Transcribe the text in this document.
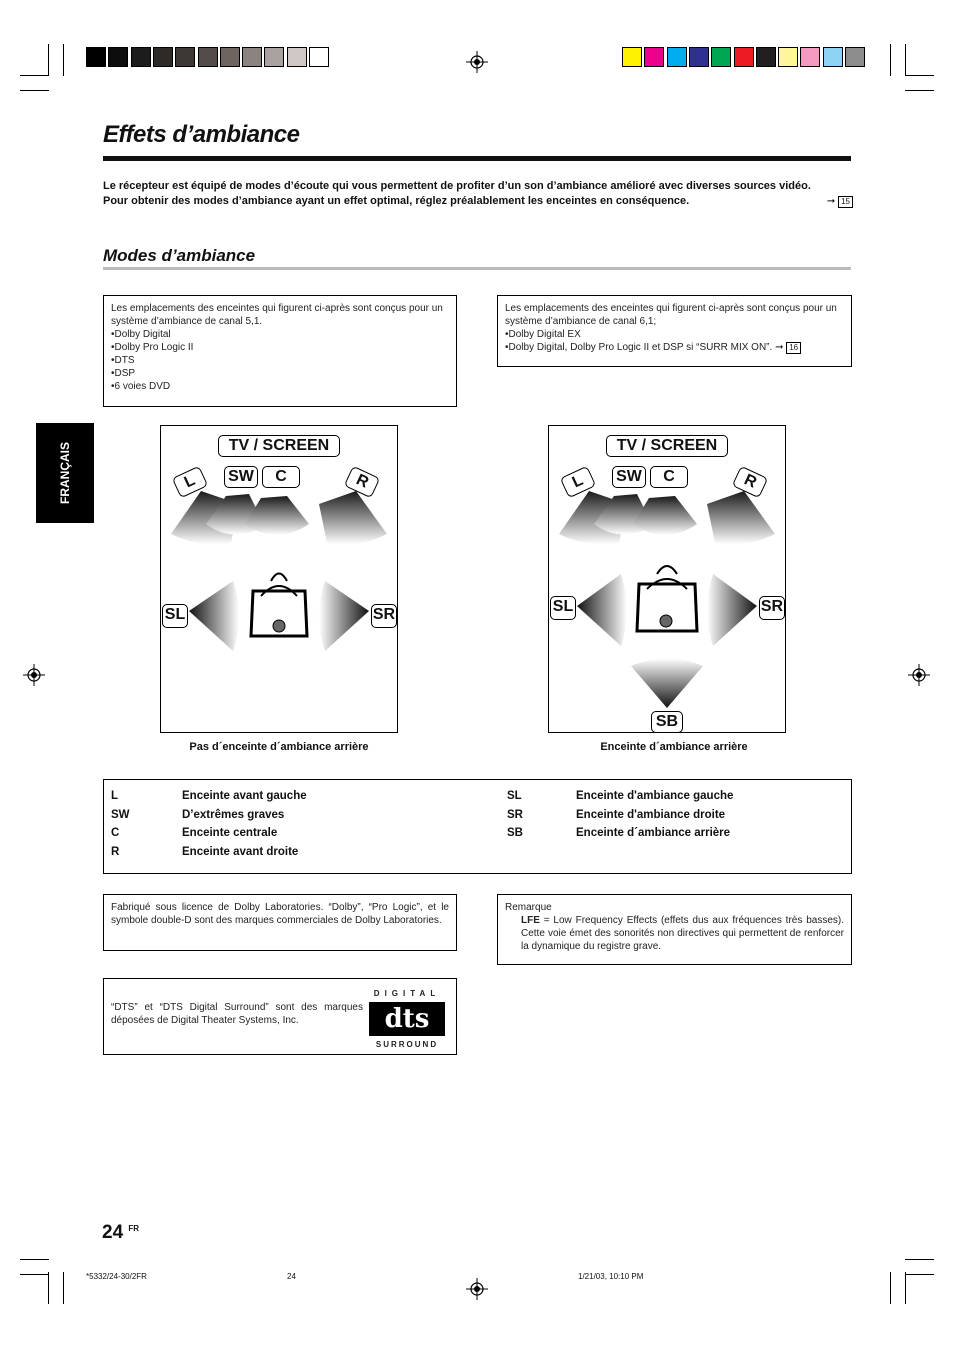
Effets d’ambiance
Le récepteur est équipé de modes d’écoute qui vous permettent de profiter d’un son d’ambiance amélioré avec diverses sources vidéo.
Pour obtenir des modes d’ambiance ayant un effet optimal, réglez préalablement les enceintes en conséquence.	➞ 15
Modes d’ambiance
Les emplacements des enceintes qui figurent ci-après sont conçus pour un système d’ambiance de canal 5,1.
• Dolby Digital
• Dolby Pro Logic II
• DTS
• DSP
• 6 voies DVD
Les emplacements des enceintes qui figurent ci-après sont conçus pour un système d’ambiance de canal 6,1;
• Dolby Digital EX
• Dolby Digital, Dolby Pro Logic II et DSP si “SURR MIX ON”. ➞ 16
FRANÇAIS	TV / SCREEN
L	SW	C	R
SL	SR
TV / SCREEN
L	SW	C	R
SL	SR
SB
Pas d´enceinte d´ambiance arrière	Enceinte d´ambiance arrière
L	Enceinte avant gauche
SW	D’extrêmes graves
C	Enceinte centrale
R	Enceinte avant droite
SL	Enceinte d'ambiance gauche
SR	Enceinte d'ambiance droite
SB	Enceinte d´ambiance arrière
Fabriqué sous licence de Dolby Laboratories. “Dolby”, “Pro Logic”, et le symbole double-D sont des marques commerciales de Dolby Laboratories.
Remarque
LFE = Low Frequency Effects (effets dus aux fréquences très basses). Cette voie émet des sonorités non directives qui permettent de renforcer la dynamique du registre grave.
“DTS” et “DTS Digital Surround” sont des marques déposées de Digital Theater Systems, Inc.
DIGITAL
dts
SURROUND
24 $^{FR}$
*5332/24-30/2FR	24	1/21/03, 10:10 PM
